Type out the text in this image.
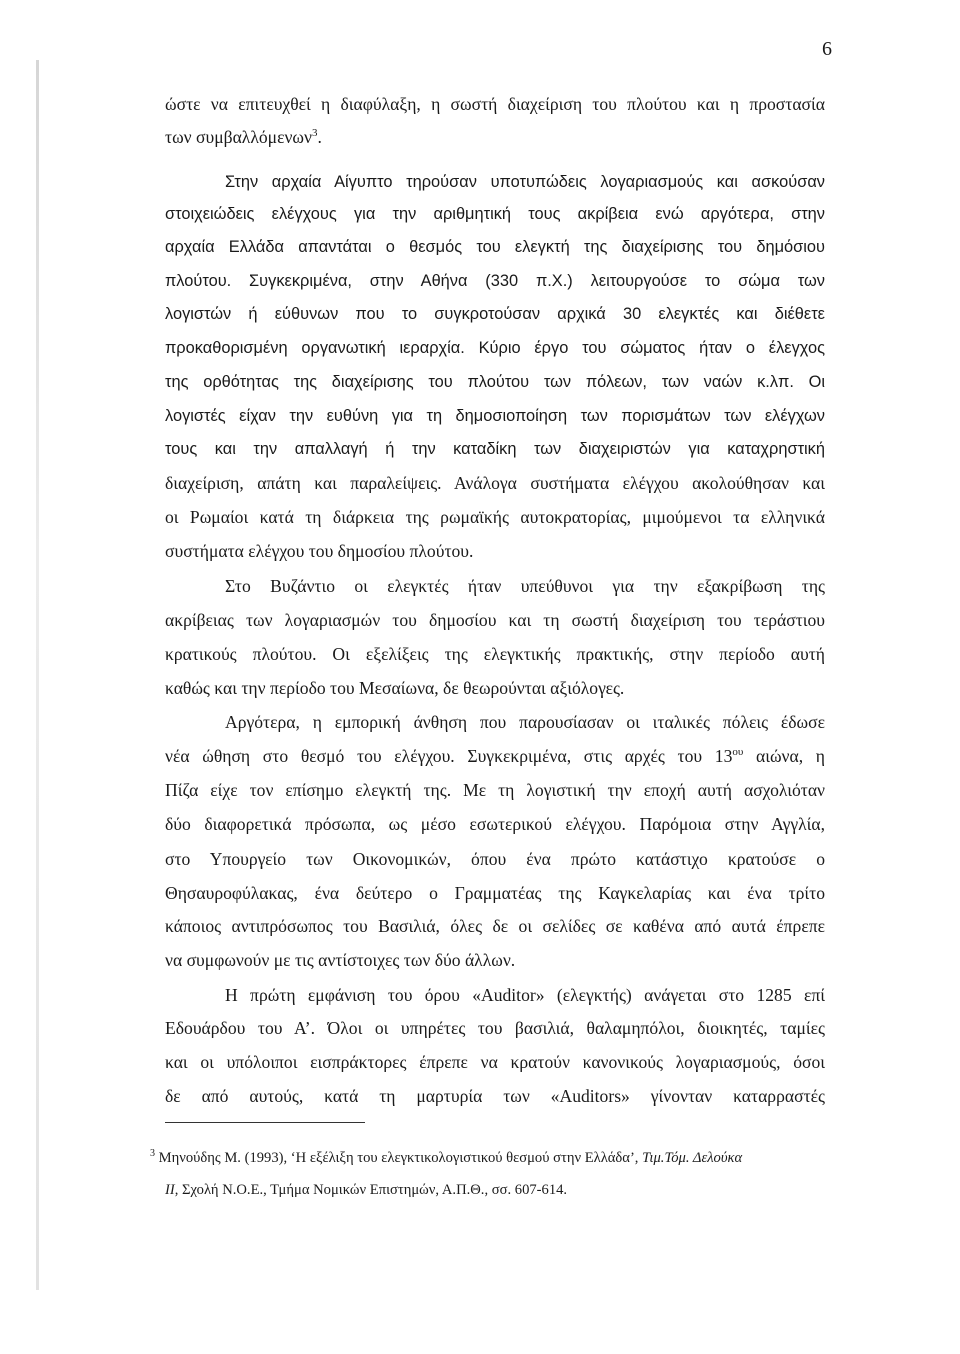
6
ώστε να επιτευχθεί η διαφύλαξη, η σωστή διαχείριση του πλούτου και η προστασία
των συμβαλλόμενων$^3$.
Στην αρχαία Αίγυπτο τηρούσαν υποτυπώδεις λογαριασμούς και ασκούσαν
στοιχειώδεις ελέγχους για την αριθμητική τους ακρίβεια ενώ αργότερα, στην
αρχαία Ελλάδα απαντάται ο θεσμός του ελεγκτή της διαχείρισης του δημόσιου
πλούτου. Συγκεκριμένα, στην Αθήνα (330 π.Χ.) λειτουργούσε το σώμα των
λογιστών ή εύθυνων που το συγκροτούσαν αρχικά 30 ελεγκτές και διέθετε
προκαθορισμένη οργανωτική ιεραρχία. Κύριο έργο του σώματος ήταν ο έλεγχος
της ορθότητας της διαχείρισης του πλούτου των πόλεων, των ναών κ.λπ. Οι
λογιστές είχαν την ευθύνη για τη δημοσιοποίηση των πορισμάτων των ελέγχων
τους και την απαλλαγή ή την καταδίκη των διαχειριστών για καταχρηστική
διαχείριση, απάτη και παραλείψεις. Ανάλογα συστήματα ελέγχου ακολούθησαν και
οι Ρωμαίοι κατά τη διάρκεια της ρωμαϊκής αυτοκρατορίας, μιμούμενοι τα ελληνικά
συστήματα ελέγχου του δημοσίου πλούτου.
Στο Βυζάντιο οι ελεγκτές ήταν υπεύθυνοι για την εξακρίβωση της
ακρίβειας των λογαριασμών του δημοσίου και τη σωστή διαχείριση του τεράστιου
κρατικούς πλούτου. Οι εξελίξεις της ελεγκτικής πρακτικής, στην περίοδο αυτή
καθώς και την περίοδο του Μεσαίωνα, δε θεωρούνται αξιόλογες.
Αργότερα, η εμπορική άνθηση που παρουσίασαν οι ιταλικές πόλεις έδωσε
νέα ώθηση στο θεσμό του ελέγχου. Συγκεκριμένα, στις αρχές του $13^{o\upsilon}$ αιώνα, η
Πίζα είχε τον επίσημο ελεγκτή της. Με τη λογιστική την εποχή αυτή ασχολιόταν
δύο διαφορετικά πρόσωπα, ως μέσο εσωτερικού ελέγχου. Παρόμοια στην Αγγλία,
στο Υπουργείο των Οικονομικών, όπου ένα πρώτο κατάστιχο κρατούσε ο
Θησαυροφύλακας, ένα δεύτερο ο Γραμματέας της Καγκελαρίας και ένα τρίτο
κάποιος αντιπρόσωπος του Βασιλιά, όλες δε οι σελίδες σε καθένα από αυτά έπρεπε
να συμφωνούν με τις αντίστοιχες των δύο άλλων.
Η πρώτη εμφάνιση του όρου «Auditor» (ελεγκτής) ανάγεται στο 1285 επί
Εδουάρδου του Α’. Όλοι οι υπηρέτες του βασιλιά, θαλαμηπόλοι, διοικητές, ταμίες
και οι υπόλοιποι εισπράκτορες έπρεπε να κρατούν κανονικούς λογαριασμούς, όσοι
δε από αυτούς, κατά τη μαρτυρία των «Auditors» γίνονταν καταρραστές
$^3$ Μηνούδης Μ. (1993), ‘Η εξέλιξη του ελεγκτικολογιστικού θεσμού στην Ελλάδα’, Τιμ.Τόμ. Δελούκα
ΙΙ, Σχολή Ν.Ο.Ε., Τμήμα Νομικών Επιστημών, Α.Π.Θ., σσ. 607-614.
